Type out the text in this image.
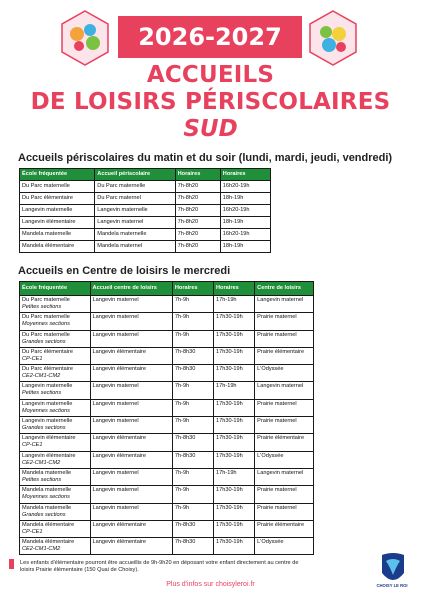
2026-2027
ACCUEILS
DE LOISIRS PÉRISCOLAIRES
SUD
Accueils périscolaires du matin et du soir (lundi, mardi, jeudi, vendredi)
École fréquentée	Accueil périscolaire	Horaires	Horaires
Du Parc maternelle	Du Parc maternelle	7h-8h20	16h20-19h
Du Parc élémentaire	Du Parc maternel	7h-8h20	18h-19h
Langevin maternelle	Langevin maternelle	7h-8h20	16h20-19h
Langevin élémentaire	Langevin maternel	7h-8h20	18h-19h
Mandela maternelle	Mandela maternelle	7h-8h20	16h20-19h
Mandela élémentaire	Mandela maternel	7h-8h20	18h-19h
Accueils en Centre de loisirs le mercredi
École fréquentée	Accueil centre de loisirs	Horaires	Horaires	Centre de loisirs
Du Parc maternelle
Petites sections	Langevin maternel	7h-9h	17h-19h	Langevin maternel
Du Parc maternelle
Moyennes sections	Langevin maternel	7h-9h	17h30-19h	Prairie maternel
Du Parc maternelle
Grandes sections	Langevin maternel	7h-9h	17h30-19h	Prairie maternel
Du Parc élémentaire
CP-CE1	Langevin élémentaire	7h-8h30	17h30-19h	Prairie élémentaire
Du Parc élémentaire
CE2-CM1-CM2	Langevin élémentaire	7h-8h30	17h30-19h	L'Odyssée
Langevin maternelle
Petites sections	Langevin maternel	7h-9h	17h-19h	Langevin maternel
Langevin maternelle
Moyennes sections	Langevin maternel	7h-9h	17h30-19h	Prairie maternel
Langevin maternelle
Grandes sections	Langevin maternel	7h-9h	17h30-19h	Prairie maternel
Langevin élémentaire
CP-CE1	Langevin élémentaire	7h-8h30	17h30-19h	Prairie élémentaire
Langevin élémentaire
CE2-CM1-CM2	Langevin élémentaire	7h-8h30	17h30-19h	L'Odyssée
Mandela maternelle
Petites sections	Langevin maternel	7h-9h	17h-19h	Langevin maternel
Mandela maternelle
Moyennes sections	Langevin maternel	7h-9h	17h30-19h	Prairie maternel
Mandela maternelle
Grandes sections	Langevin maternel	7h-9h	17h30-19h	Prairie maternel
Mandela élémentaire
CP-CE1	Langevin élémentaire	7h-8h30	17h30-19h	Prairie élémentaire
Mandela élémentaire
CE2-CM1-CM2	Langevin élémentaire	7h-8h30	17h30-19h	L'Odyssée
Les enfants d'élémentaire pourront être accueillis de 9h-9h20 en déposant votre enfant directement au centre de loisirs Prairie élémentaire (150 Quai de Choisy).
Plus d'infos sur choisyleroi.fr	CHOISY LE ROI
